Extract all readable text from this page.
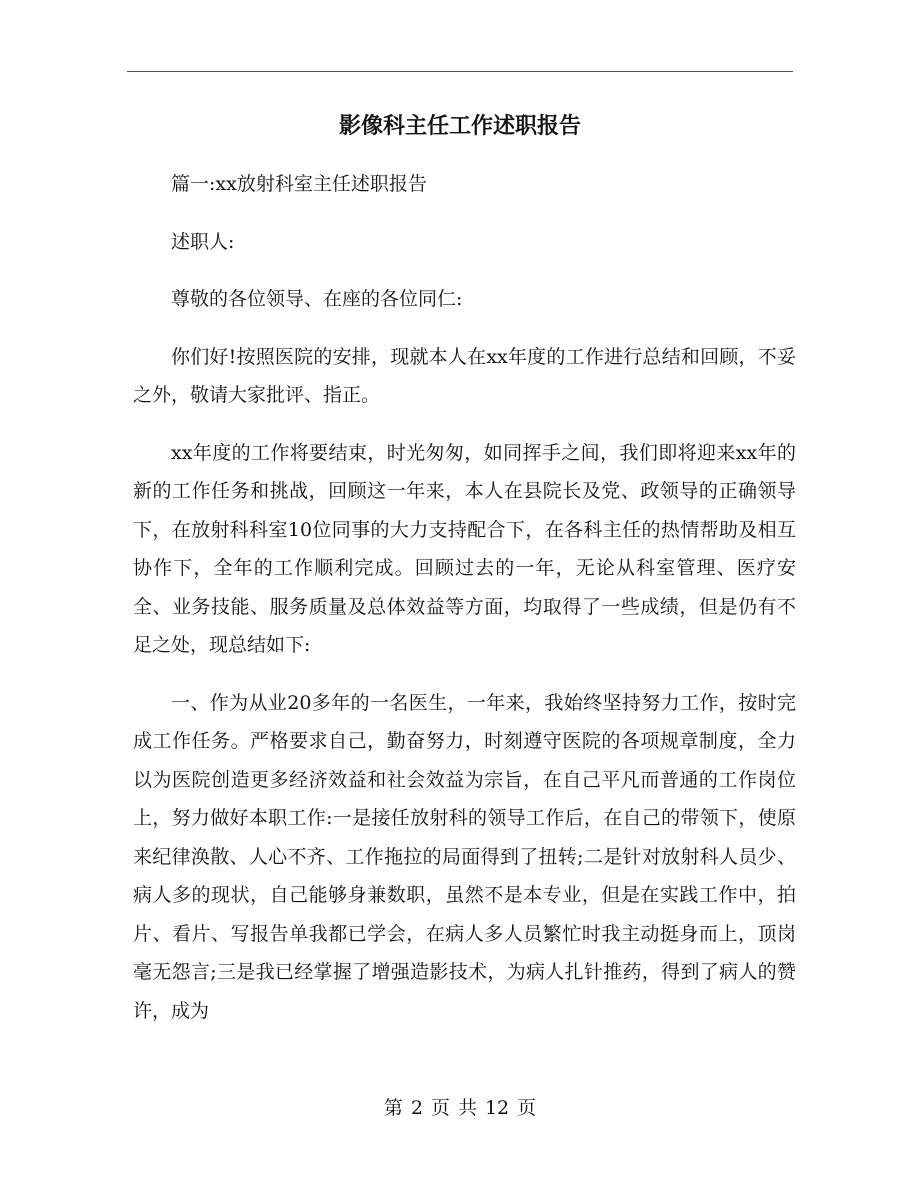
影像科主任工作述职报告

篇一:xx放射科室主任述职报告

述职人:

尊敬的各位领导、在座的各位同仁:

你们好!按照医院的安排，现就本人在xx年度的工作进行总结和回顾，不妥之外，敬请大家批评、指正。

xx年度的工作将要结束，时光匆匆，如同挥手之间，我们即将迎来xx年的新的工作任务和挑战，回顾这一年来，本人在县院长及党、政领导的正确领导下，在放射科科室10位同事的大力支持配合下，在各科主任的热情帮助及相互协作下，全年的工作顺利完成。回顾过去的一年，无论从科室管理、医疗安全、业务技能、服务质量及总体效益等方面，均取得了一些成绩，但是仍有不足之处，现总结如下:

一、作为从业20多年的一名医生，一年来，我始终坚持努力工作，按时完成工作任务。严格要求自己，勤奋努力，时刻遵守医院的各项规章制度，全力以为医院创造更多经济效益和社会效益为宗旨，在自己平凡而普通的工作岗位上，努力做好本职工作:一是接任放射科的领导工作后，在自己的带领下，使原来纪律涣散、人心不齐、工作拖拉的局面得到了扭转;二是针对放射科人员少、病人多的现状，自己能够身兼数职，虽然不是本专业，但是在实践工作中，拍片、看片、写报告单我都已学会，在病人多人员繁忙时我主动挺身而上，顶岗毫无怨言;三是我已经掌握了增强造影技术，为病人扎针推药，得到了病人的赞许，成为

第 2 页 共 12 页
